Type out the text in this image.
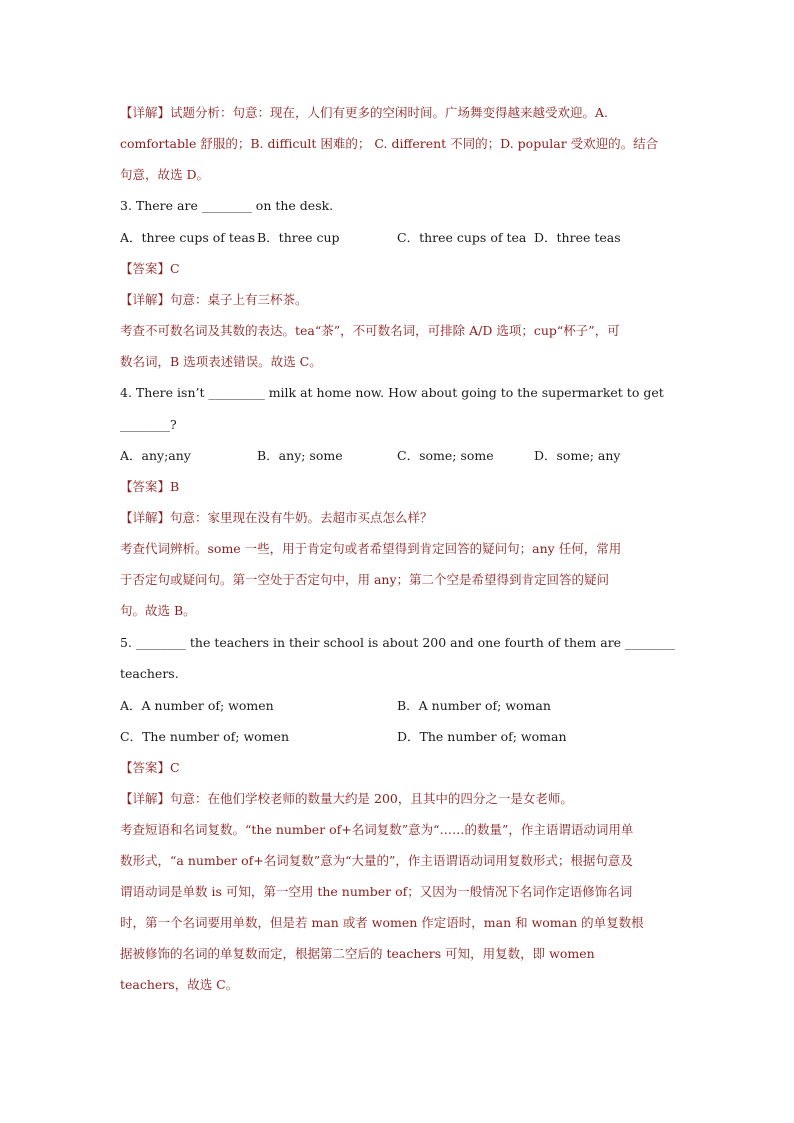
【详解】试题分析：句意：现在，人们有更多的空闲时间。广场舞变得越来越受欢迎。A.
comfortable 舒服的；B. difficult 困难的； C. different 不同的；D. popular 受欢迎的。结合
句意，故选 D。
3. There are ________ on the desk.
A．three cups of teas B．three cup	C．three cups of tea D．three teas
【答案】C
【详解】句意：桌子上有三杯茶。
考查不可数名词及其数的表达。tea“茶”，不可数名词，可排除 A/D 选项；cup“杯子”，可
数名词，B 选项表述错误。故选 C。
4. There isn’t _________ milk at home now. How about going to the supermarket to get
________?
A．any;any	B．any; some	C．some; some	D．some; any
【答案】B
【详解】句意：家里现在没有牛奶。去超市买点怎么样？
考查代词辨析。some 一些，用于肯定句或者希望得到肯定回答的疑问句；any 任何，常用
于否定句或疑问句。第一空处于否定句中，用 any；第二个空是希望得到肯定回答的疑问
句。故选 B。
5. ________ the teachers in their school is about 200 and one fourth of them are ________
teachers.
A．A number of; women	B．A number of; woman
C．The number of; women	D．The number of; woman
【答案】C
【详解】句意：在他们学校老师的数量大约是 200，且其中的四分之一是女老师。
考查短语和名词复数。“the number of+名词复数”意为“……的数量”，作主语谓语动词用单
数形式，“a number of+名词复数”意为“大量的”，作主语谓语动词用复数形式；根据句意及
谓语动词是单数 is 可知，第一空用 the number of；又因为一般情况下名词作定语修饰名词
时，第一个名词要用单数，但是若 man 或者 women 作定语时，man 和 woman 的单复数根
据被修饰的名词的单复数而定，根据第二空后的 teachers 可知，用复数，即 women
teachers，故选 C。
